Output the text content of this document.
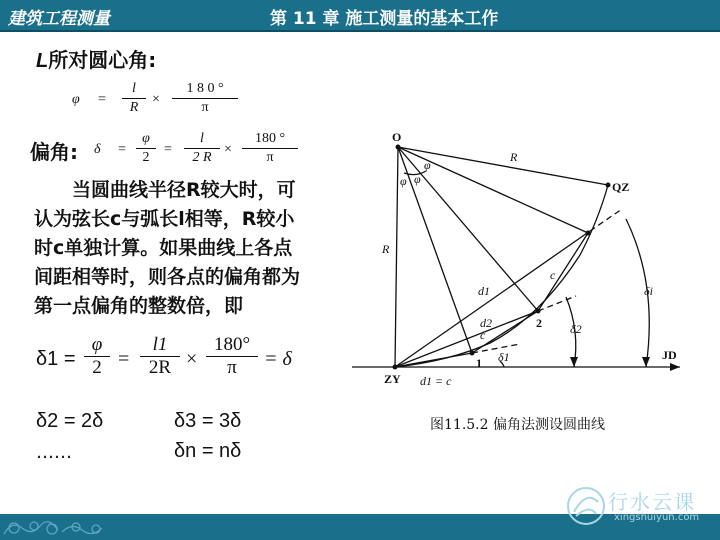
建筑工程测量	第 11 章 施工测量的基本工作
L所对圆心角:
φ =
l
R
×
1 8 0 °
π
偏角: δ =
φ
2
=
l
2 R
×
180 °
π
当圆曲线半径R较大时，可
认为弦长c与弧长l相等，R较小
时c单独计算。如果曲线上各点
间距相等时，则各点的偏角都为
第一点偏角的整数倍，即
δ1 =
φ
2 =
l1
2R ×
180°
π	= δ
δ2 = 2δ	δ3 = 3δ
……	δn = nδ
O
R
QZ
R
φ φ
φ
c
c
d1
d2
δi
δ2
δ1
1
2
JD
ZY d1 = c
图11.5.2 偏角法测设圆曲线
行水云课
xingshuiyun.com
